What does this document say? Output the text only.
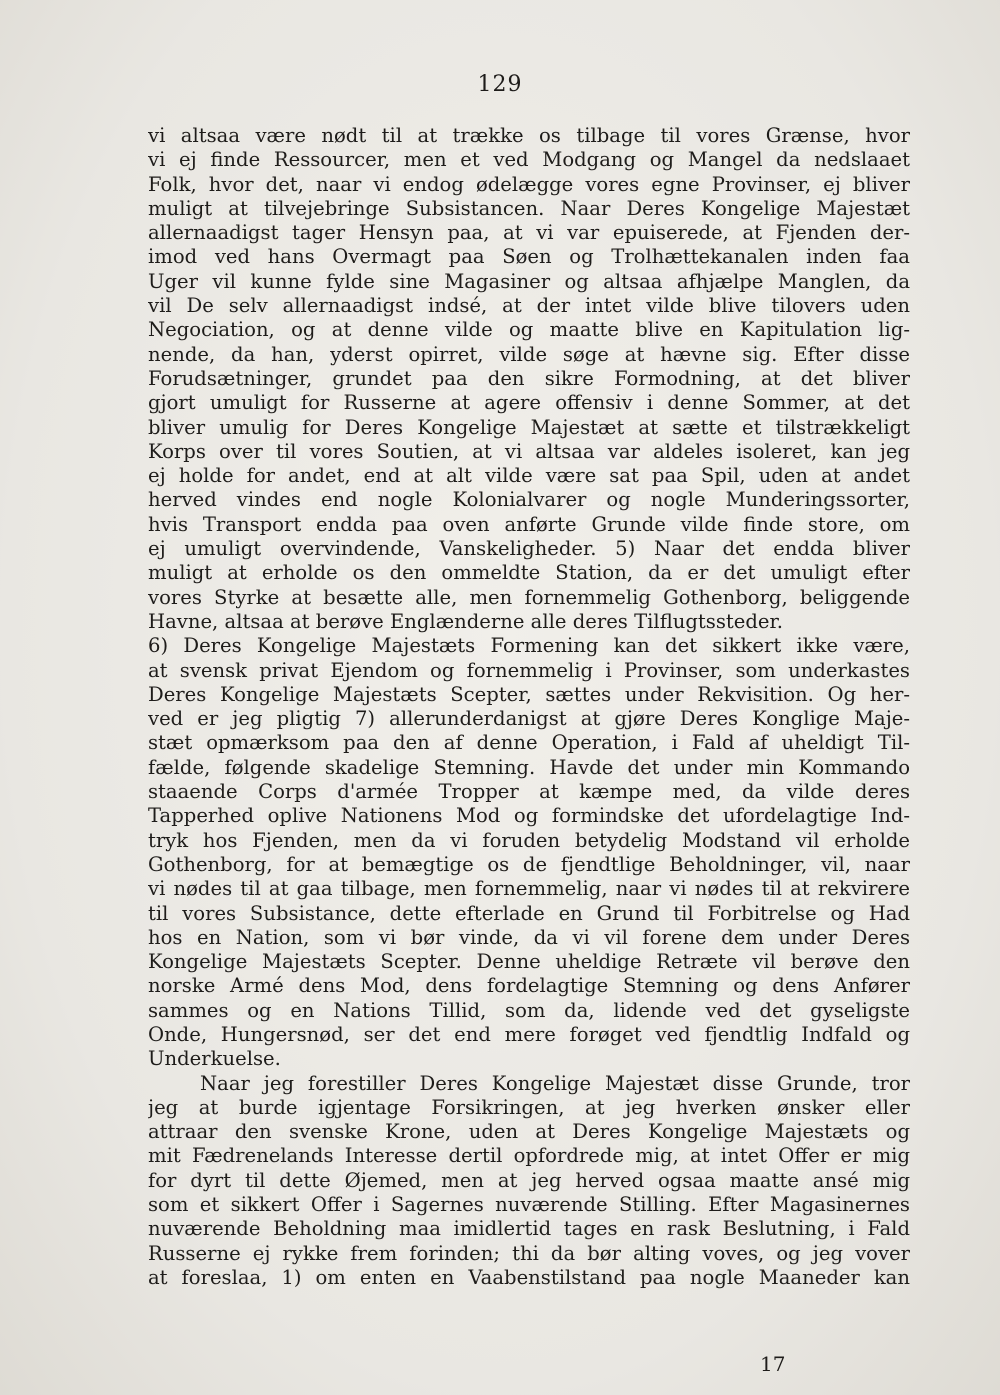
129
vi altsaa være nødt til at trække os tilbage til vores Grænse, hvor
vi ej finde Ressourcer, men et ved Modgang og Mangel da nedslaaet
Folk, hvor det, naar vi endog ødelægge vores egne Provinser, ej bliver
muligt at tilvejebringe Subsistancen. Naar Deres Kongelige Majestæt
allernaadigst tager Hensyn paa, at vi var epuiserede, at Fjenden der-
imod ved hans Overmagt paa Søen og Trolhættekanalen inden faa
Uger vil kunne fylde sine Magasiner og altsaa afhjælpe Manglen, da
vil De selv allernaadigst indsé, at der intet vilde blive tilovers uden
Negociation, og at denne vilde og maatte blive en Kapitulation lig-
nende, da han, yderst opirret, vilde søge at hævne sig. Efter disse
Forudsætninger, grundet paa den sikre Formodning, at det bliver
gjort umuligt for Russerne at agere offensiv i denne Sommer, at det
bliver umulig for Deres Kongelige Majestæt at sætte et tilstrækkeligt
Korps over til vores Soutien, at vi altsaa var aldeles isoleret, kan jeg
ej holde for andet, end at alt vilde være sat paa Spil, uden at andet
herved vindes end nogle Kolonialvarer og nogle Munderingssorter,
hvis Transport endda paa oven anførte Grunde vilde finde store, om
ej umuligt overvindende, Vanskeligheder. 5) Naar det endda bliver
muligt at erholde os den ommeldte Station, da er det umuligt efter
vores Styrke at besætte alle, men fornemmelig Gothenborg, beliggende
Havne, altsaa at berøve Englænderne alle deres Tilflugtssteder.
6) Deres Kongelige Majestæts Formening kan det sikkert ikke være,
at svensk privat Ejendom og fornemmelig i Provinser, som underkastes
Deres Kongelige Majestæts Scepter, sættes under Rekvisition. Og her-
ved er jeg pligtig 7) allerunderdanigst at gjøre Deres Konglige Maje-
stæt opmærksom paa den af denne Operation, i Fald af uheldigt Til-
fælde, følgende skadelige Stemning. Havde det under min Kommando
staaende Corps d'armée Tropper at kæmpe med, da vilde deres
Tapperhed oplive Nationens Mod og formindske det ufordelagtige Ind-
tryk hos Fjenden, men da vi foruden betydelig Modstand vil erholde
Gothenborg, for at bemægtige os de fjendtlige Beholdninger, vil, naar
vi nødes til at gaa tilbage, men fornemmelig, naar vi nødes til at rekvirere
til vores Subsistance, dette efterlade en Grund til Forbitrelse og Had
hos en Nation, som vi bør vinde, da vi vil forene dem under Deres
Kongelige Majestæts Scepter. Denne uheldige Retræte vil berøve den
norske Armé dens Mod, dens fordelagtige Stemning og dens Anfører
sammes og en Nations Tillid, som da, lidende ved det gyseligste
Onde, Hungersnød, ser det end mere forøget ved fjendtlig Indfald og
Underkuelse.
Naar jeg forestiller Deres Kongelige Majestæt disse Grunde, tror
jeg at burde igjentage Forsikringen, at jeg hverken ønsker eller
attraar den svenske Krone, uden at Deres Kongelige Majestæts og
mit Fædrenelands Interesse dertil opfordrede mig, at intet Offer er mig
for dyrt til dette Øjemed, men at jeg herved ogsaa maatte ansé mig
som et sikkert Offer i Sagernes nuværende Stilling. Efter Magasinernes
nuværende Beholdning maa imidlertid tages en rask Beslutning, i Fald
Russerne ej rykke frem forinden; thi da bør alting voves, og jeg vover
at foreslaa, 1) om enten en Vaabenstilstand paa nogle Maaneder kan
17
